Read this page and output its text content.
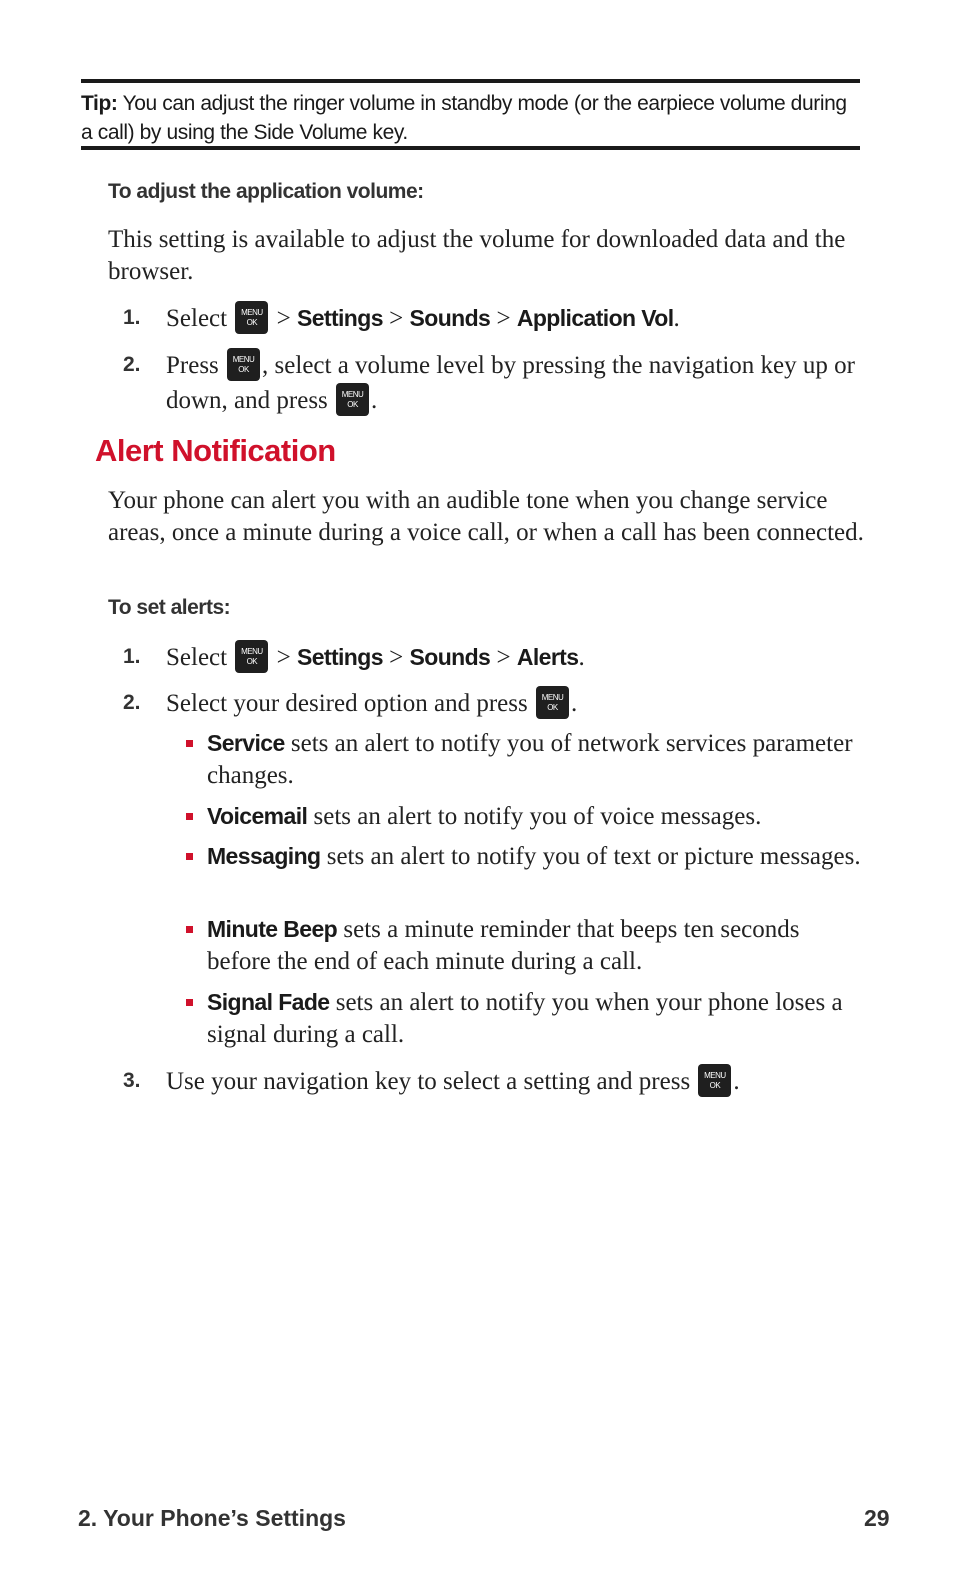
Tip: You can adjust the ringer volume in standby mode (or the earpiece volume during a call) by using the Side Volume key.
To adjust the application volume:
This setting is available to adjust the volume for downloaded data and the browser.
1. Select MENU
OK > Settings > Sounds > Application Vol.
2. Press MENU
OK , select a volume level by pressing the navigation key up or down, and press MENU
OK .
Alert Notification
Your phone can alert you with an audible tone when you change service areas, once a minute during a voice call, or when a call has been connected.
To set alerts:
1. Select MENU
OK > Settings > Sounds > Alerts.
2. Select your desired option and press MENU
OK .
Service sets an alert to notify you of network services parameter changes.
Voicemail sets an alert to notify you of voice messages.
Messaging sets an alert to notify you of text or picture messages.
Minute Beep sets a minute reminder that beeps ten seconds before the end of each minute during a call.
Signal Fade sets an alert to notify you when your phone loses a signal during a call.
3. Use your navigation key to select a setting and press MENU
OK .
2. Your Phone’s Settings	29
